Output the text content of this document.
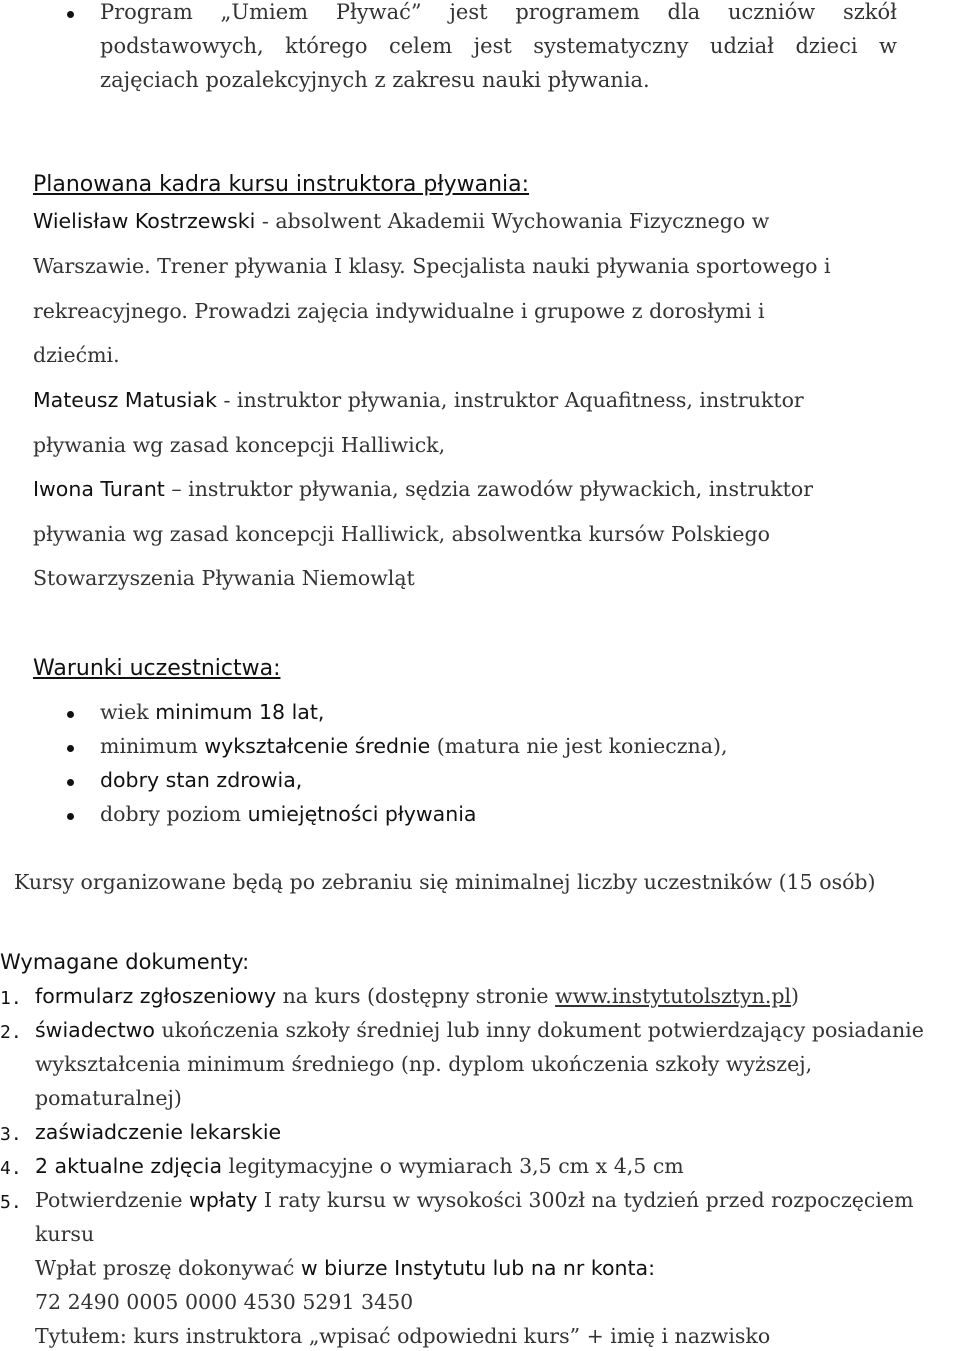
Program „Umiem Pływać” jest programem dla uczniów szkół
podstawowych, którego celem jest systematyczny udział dzieci w
zajęciach pozalekcyjnych z zakresu nauki pływania.
Planowana kadra kursu instruktora pływania:
Wielisław Kostrzewski - absolwent Akademii Wychowania Fizycznego w
Warszawie. Trener pływania I klasy. Specjalista nauki pływania sportowego i
rekreacyjnego. Prowadzi zajęcia indywidualne i grupowe z dorosłymi i
dziećmi.
Mateusz Matusiak - instruktor pływania, instruktor Aquafitness, instruktor
pływania wg zasad koncepcji Halliwick,
Iwona Turant – instruktor pływania, sędzia zawodów pływackich, instruktor
pływania wg zasad koncepcji Halliwick, absolwentka kursów Polskiego
Stowarzyszenia Pływania Niemowląt
Warunki uczestnictwa:
wiek minimum 18 lat,
minimum wykształcenie średnie (matura nie jest konieczna),
dobry stan zdrowia,
dobry poziom umiejętności pływania
Kursy organizowane będą po zebraniu się minimalnej liczby uczestników (15 osób)
Wymagane dokumenty:
1. formularz zgłoszeniowy na kurs (dostępny stronie www.instytutolsztyn.pl)
2. świadectwo ukończenia szkoły średniej lub inny dokument potwierdzający posiadanie
wykształcenia minimum średniego (np. dyplom ukończenia szkoły wyższej,
pomaturalnej)
3. zaświadczenie lekarskie
4. 2 aktualne zdjęcia legitymacyjne o wymiarach 3,5 cm x 4,5 cm
5. Potwierdzenie wpłaty I raty kursu w wysokości 300zł na tydzień przed rozpoczęciem
kursu
Wpłat proszę dokonywać w biurze Instytutu lub na nr konta:
72 2490 0005 0000 4530 5291 3450
Tytułem: kurs instruktora „wpisać odpowiedni kurs” + imię i nazwisko
